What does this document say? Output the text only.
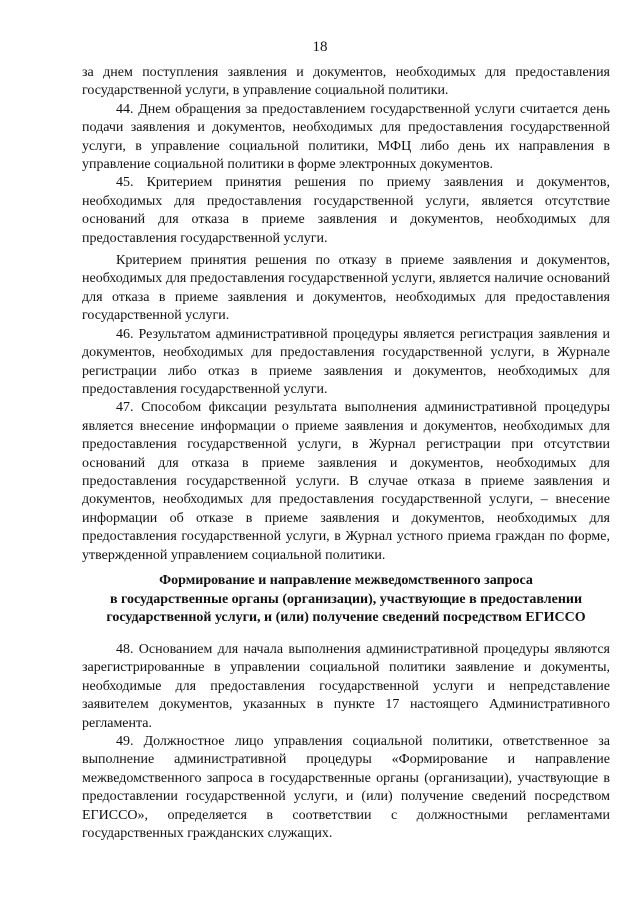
18

за днем поступления заявления и документов, необходимых для предоставления государственной услуги, в управление социальной политики.

44. Днем обращения за предоставлением государственной услуги считается день подачи заявления и документов, необходимых для предоставления государственной услуги, в управление социальной политики, МФЦ либо день их направления в управление социальной политики в форме электронных документов.

45. Критерием принятия решения по приему заявления и документов, необходимых для предоставления государственной услуги, является отсутствие оснований для отказа в приеме заявления и документов, необходимых для предоставления государственной услуги.

Критерием принятия решения по отказу в приеме заявления и документов, необходимых для предоставления государственной услуги, является наличие оснований для отказа в приеме заявления и документов, необходимых для предоставления государственной услуги.

46. Результатом административной процедуры является регистрация заявления и документов, необходимых для предоставления государственной услуги, в Журнале регистрации либо отказ в приеме заявления и документов, необходимых для предоставления государственной услуги.

47. Способом фиксации результата выполнения административной процедуры является внесение информации о приеме заявления и документов, необходимых для предоставления государственной услуги, в Журнал регистрации при отсутствии оснований для отказа в приеме заявления и документов, необходимых для предоставления государственной услуги. В случае отказа в приеме заявления и документов, необходимых для предоставления государственной услуги, – внесение информации об отказе в приеме заявления и документов, необходимых для предоставления государственной услуги, в Журнал устного приема граждан по форме, утвержденной управлением социальной политики.

Формирование и направление межведомственного запроса
в государственные органы (организации), участвующие в предоставлении
государственной услуги, и (или) получение сведений посредством ЕГИССО

48. Основанием для начала выполнения административной процедуры являются зарегистрированные в управлении социальной политики заявление и документы, необходимые для предоставления государственной услуги и непредставление заявителем документов, указанных в пункте 17 настоящего Административного регламента.

49. Должностное лицо управления социальной политики, ответственное за выполнение административной процедуры «Формирование и направление межведомственного запроса в государственные органы (организации), участвующие в предоставлении государственной услуги, и (или) получение сведений посредством ЕГИССО», определяется в соответствии с должностными регламентами государственных гражданских служащих.
